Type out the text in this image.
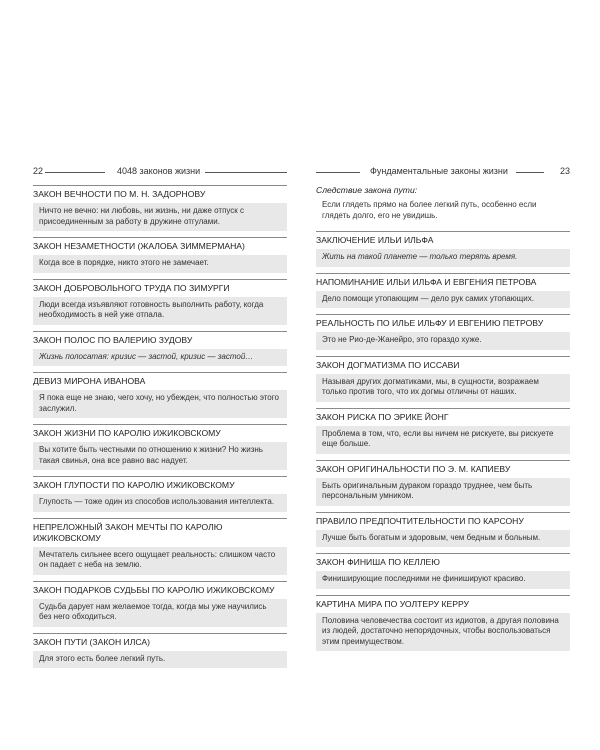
22	4048 законов жизни
ЗАКОН ВЕЧНОСТИ ПО М. Н. ЗАДОРНОВУ
Ничто не вечно: ни любовь, ни жизнь, ни даже отпуск с присоединенным за работу в дружине отгулами.
ЗАКОН НЕЗАМЕТНОСТИ (ЖАЛОБА ЗИММЕРМАНА)
Когда все в порядке, никто этого не замечает.
ЗАКОН ДОБРОВОЛЬНОГО ТРУДА ПО ЗИМУРГИ
Люди всегда изъявляют готовность выполнить работу, когда необходимость в ней уже отпала.
ЗАКОН ПОЛОС ПО ВАЛЕРИЮ ЗУДОВУ
Жизнь полосатая: кризис — застой, кризис — застой…
ДЕВИЗ МИРОНА ИВАНОВА
Я пока еще не знаю, чего хочу, но убежден, что полностью этого заслужил.
ЗАКОН ЖИЗНИ ПО КАРОЛЮ ИЖИКОВСКОМУ
Вы хотите быть честными по отношению к жизни? Но жизнь такая свинья, она все равно вас надует.
ЗАКОН ГЛУПОСТИ ПО КАРОЛЮ ИЖИКОВСКОМУ
Глупость — тоже один из способов использования интеллекта.
НЕПРЕЛОЖНЫЙ ЗАКОН МЕЧТЫ ПО КАРОЛЮ ИЖИКОВСКОМУ
Мечтатель сильнее всего ощущает реальность: слишком часто он падает с неба на землю.
ЗАКОН ПОДАРКОВ СУДЬБЫ ПО КАРОЛЮ ИЖИКОВСКОМУ
Судьба дарует нам желаемое тогда, когда мы уже научились без него обходиться.
ЗАКОН ПУТИ (ЗАКОН ИЛСА)
Для этого есть более легкий путь.
Фундаментальные законы жизни	23
Следствие закона пути:
Если глядеть прямо на более легкий путь, особенно если глядеть долго, его не увидишь.
ЗАКЛЮЧЕНИЕ ИЛЬИ ИЛЬФА
Жить на такой планете — только терять время.
НАПОМИНАНИЕ ИЛЬИ ИЛЬФА И ЕВГЕНИЯ ПЕТРОВА
Дело помощи утопающим — дело рук самих утопающих.
РЕАЛЬНОСТЬ ПО ИЛЬЕ ИЛЬФУ И ЕВГЕНИЮ ПЕТРОВУ
Это не Рио-де-Жанейро, это гораздо хуже.
ЗАКОН ДОГМАТИЗМА ПО ИССАВИ
Называя других догматиками, мы, в сущности, возражаем только против того, что их догмы отличны от наших.
ЗАКОН РИСКА ПО ЭРИКЕ ЙОНГ
Проблема в том, что, если вы ничем не рискуете, вы рискуете еще больше.
ЗАКОН ОРИГИНАЛЬНОСТИ ПО Э. М. КАПИЕВУ
Быть оригинальным дураком гораздо труднее, чем быть персональным умником.
ПРАВИЛО ПРЕДПОЧТИТЕЛЬНОСТИ ПО КАРСОНУ
Лучше быть богатым и здоровым, чем бедным и больным.
ЗАКОН ФИНИША ПО КЕЛЛЕЮ
Финиширующие последними не финишируют красиво.
КАРТИНА МИРА ПО УОЛТЕРУ КЕРРУ
Половина человечества состоит из идиотов, а другая половина из людей, достаточно непорядочных, чтобы воспользоваться этим преимуществом.
